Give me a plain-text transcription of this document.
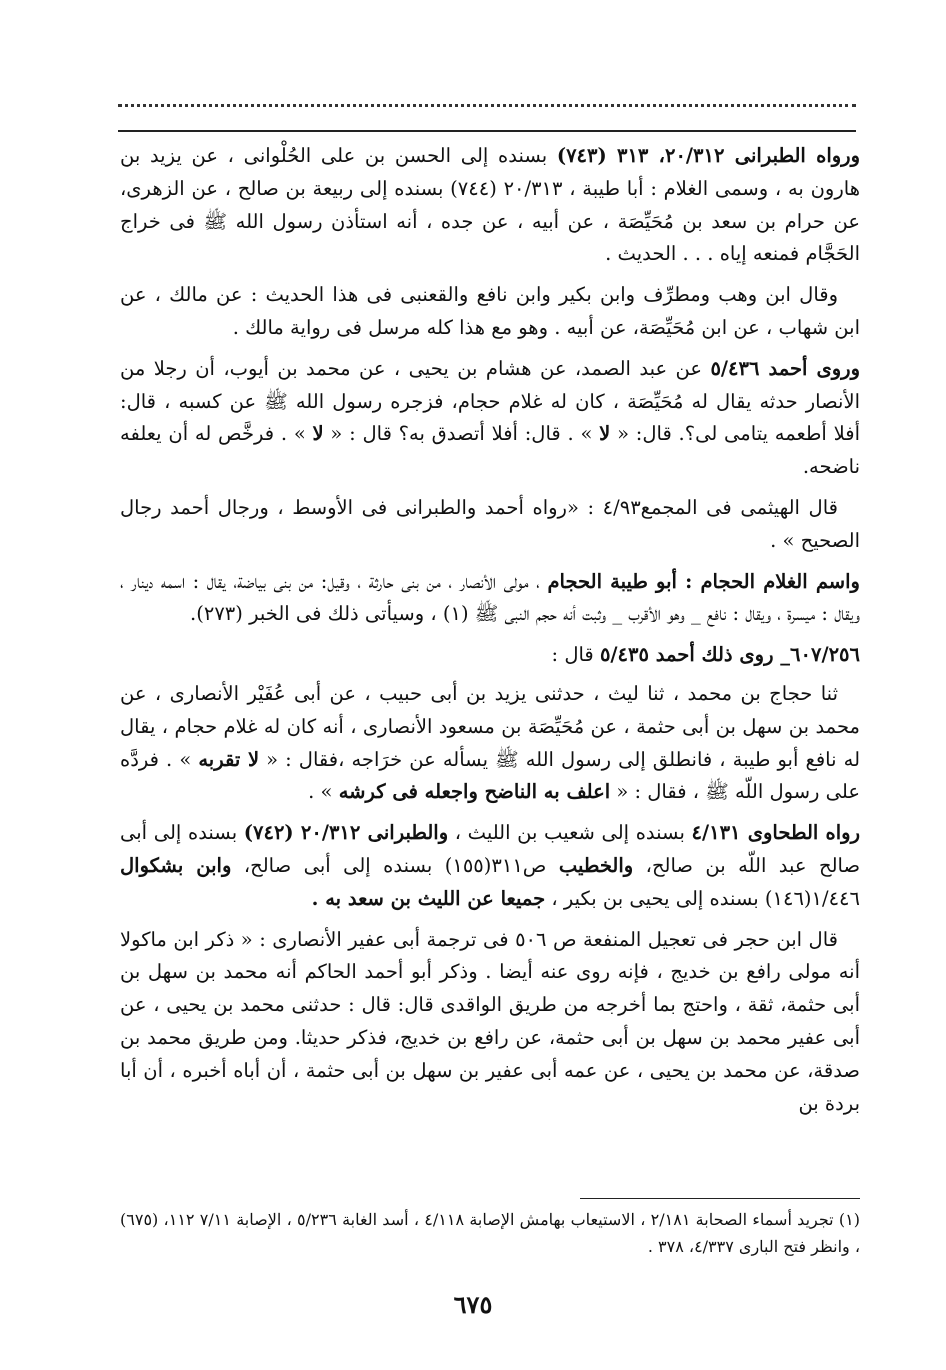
ورواه الطبرانى ٢٠/٣١٢، ٣١٣ (٧٤٣) بسنده إلى الحسن بن على الحُلْوانى ، عن يزيد بن هارون به ، وسمى الغلام : أبا طيبة ، ٢٠/٣١٣ (٧٤٤) بسنده إلى ربيعة بن صالح ، عن الزهرى، عن حرام بن سعد بن مُحَيِّصَة ، عن أبيه ، عن جده ، أنه استأذن رسول الله ﷺ فى خراج الحَجَّام فمنعه إياه . . . الحديث .

وقال ابن وهب ومطرِّف وابن بكير وابن نافع والقعنبى فى هذا الحديث : عن مالك ، عن ابن شهاب ، عن ابن مُحَيِّصَة، عن أبيه . وهو مع هذا كله مرسل فى رواية مالك .

وروى أحمد ٥/٤٣٦ عن عبد الصمد، عن هشام بن يحيى ، عن محمد بن أيوب، أن رجلا من الأنصار حدثه يقال له مُحَيِّصَة ، كان له غلام حجام، فزجره رسول الله ﷺ عن كسبه ، قال: أفلا أطعمه يتامى لى؟. قال: « لا » . قال: أفلا أتصدق به؟ قال : « لا » . فرخَّص له أن يعلفه ناضحه.

قال الهيثمى فى المجمع٤/٩٣ : «رواه أحمد والطبرانى فى الأوسط ، ورجال أحمد رجال الصحيح » .

واسم الغلام الحجام : أبو طيبة الحجام ، مولى الأنصار ، من بنى حارثة ، وقيل: من بنى بياضة، يقال : اسمه دينار ، ويقال : ميسرة ، ويقال : نافع _ وهو الأقرب _ وثبت أنه حجم النبى ﷺ (١) ، وسيأتى ذلك فى الخبر (٢٧٣).

٦٠٧/٢٥٦_ روى ذلك أحمد ٥/٤٣٥ قال :

ثنا حجاج بن محمد ، ثنا ليث ، حدثنى يزيد بن أبى حبيب ، عن أبى عُفَيْر الأنصارى ، عن محمد بن سهل بن أبى حثمة ، عن مُحَيِّصَة بن مسعود الأنصارى ، أنه كان له غلام حجام ، يقال له نافع أبو طيبة ، فانطلق إلى رسول الله ﷺ يسأله عن خرَاجه ،فقال : « لا تقربه » . فردَّه على رسول اللّه ﷺ ، فقال : « اعلف به الناضح واجعله فى كرشه » .

رواه الطحاوى ٤/١٣١ بسنده إلى شعيب بن الليث ، والطبرانى ٢٠/٣١٢ (٧٤٢) بسنده إلى أبى صالح عبد اللّه بن صالح، والخطيب ص٣١١(١٥٥) بسنده إلى أبى صالح، وابن بشكوال ١/٤٤٦(١٤٦) بسنده إلى يحيى بن بكير ، جميعا عن الليث بن سعد به .

قال ابن حجر فى تعجيل المنفعة ص ٥٠٦ فى ترجمة أبى عفير الأنصارى : « ذكر ابن ماكولا أنه مولى رافع بن خديج ، فإنه روى عنه أيضا . وذكر أبو أحمد الحاكم أنه محمد بن سهل بن أبى حثمة، ثقة ، واحتج بما أخرجه من طريق الواقدى قال: قال : حدثنى محمد بن يحيى ، عن أبى عفير محمد بن سهل بن أبى حثمة، عن رافع بن خديج، فذكر حديثا. ومن طريق محمد بن صدقة، عن محمد بن يحيى ، عن عمه أبى عفير بن سهل بن أبى حثمة ، أن أباه أخبره ، أن أبا بردة بن

(١) تجريد أسماء الصحابة ٢/١٨١ ، الاستيعاب بهامش الإصابة ٤/١١٨ ، أسد الغابة ٥/٢٣٦ ، الإصابة ٧/١١ ١١٢، (٦٧٥) ، وانظر فتح البارى ٤/٣٣٧، ٣٧٨ .
٦٧٥
